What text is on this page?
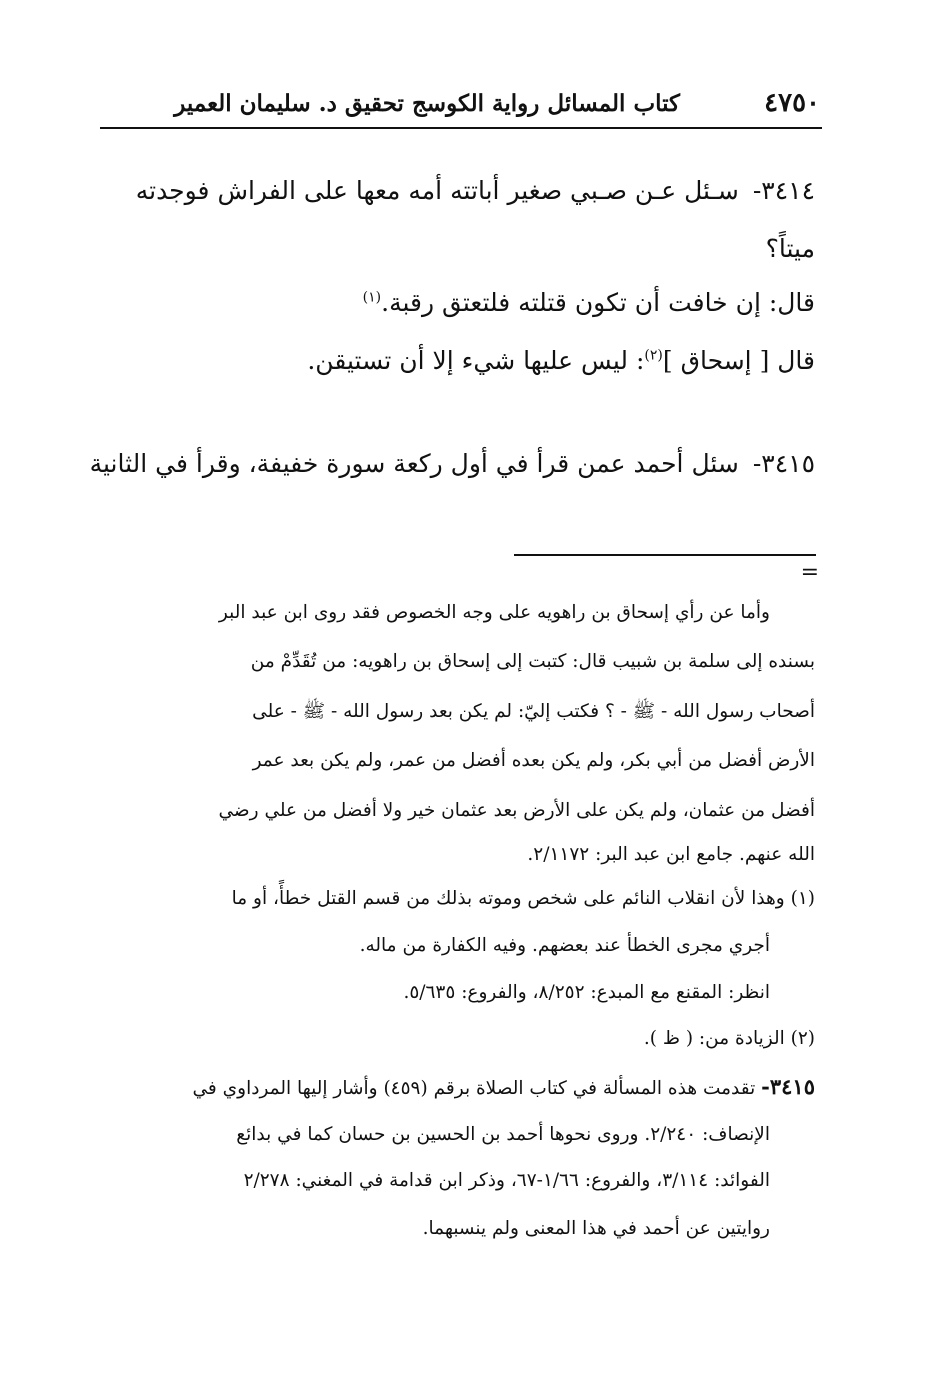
٤٧٥٠
كتاب المسائل رواية الكوسج تحقيق د. سليمان العمير
٣٤١٤- سـئل عـن صـبي صغير أباتته أمه معها على الفراش فوجدته
ميتاً؟
قال: إن خافت أن تكون قتلته فلتعتق رقبة.$^{(١)}$
قال [ إسحاق ]$^{(٢)}$: ليس عليها شيء إلا أن تستيقن.
٣٤١٥- سئل أحمد عمن قرأ في أول ركعة سورة خفيفة، وقرأ في الثانية
=
وأما عن رأي إسحاق بن راهويه على وجه الخصوص فقد روى ابن عبد البر
بسنده إلى سلمة بن شبيب قال: كتبت إلى إسحاق بن راهويه: من تُقَدِّمْ من
أصحاب رسول الله - ﷺ - ؟ فكتب إليّ: لم يكن بعد رسول الله - ﷺ - على
الأرض أفضل من أبي بكر، ولم يكن بعده أفضل من عمر، ولم يكن بعد عمر
أفضل من عثمان، ولم يكن على الأرض بعد عثمان خير ولا أفضل من علي رضي
الله عنهم. جامع ابن عبد البر: ٢/١١٧٢.
(١) وهذا لأن انقلاب النائم على شخص وموته بذلك من قسم القتل خطأً، أو ما
أجري مجرى الخطأ عند بعضهم. وفيه الكفارة من ماله.
انظر: المقنع مع المبدع: ٨/٢٥٢، والفروع: ٥/٦٣٥.
(٢) الزيادة من: ( ظ ).
٣٤١٥- تقدمت هذه المسألة في كتاب الصلاة برقم (٤٥٩) وأشار إليها المرداوي في
الإنصاف: ٢/٢٤٠. وروى نحوها أحمد بن الحسين بن حسان كما في بدائع
الفوائد: ٣/١١٤، والفروع: ١/٦٦-٦٧، وذكر ابن قدامة في المغني: ٢/٢٧٨
روايتين عن أحمد في هذا المعنى ولم ينسبهما.
